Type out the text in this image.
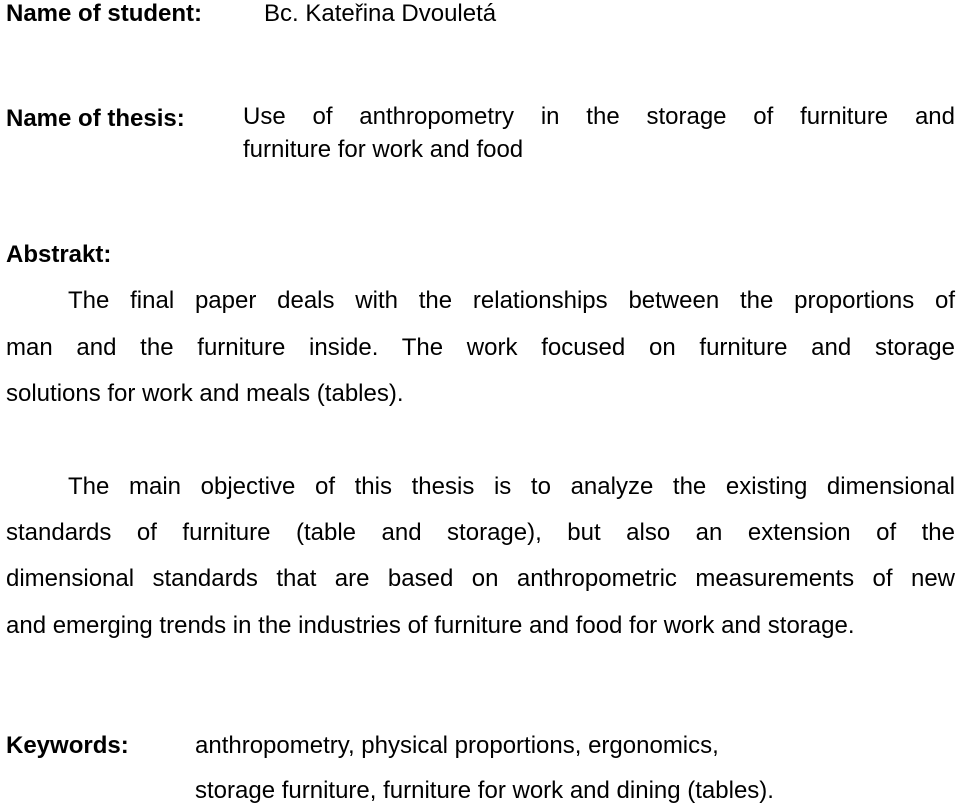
Name of student:	Bc. Kateřina Dvouletá
Name of thesis: Use of anthropometry in the storage of furniture and
furniture for work and food
Abstrakt:
The final paper deals with the relationships between the proportions of
man and the furniture inside. The work focused on furniture and storage
solutions for work and meals (tables).
The main objective of this thesis is to analyze the existing dimensional
standards of furniture (table and storage), but also an extension of the
dimensional standards that are based on anthropometric measurements of new
and emerging trends in the industries of furniture and food for work and storage.
Keywords:	anthropometry, physical proportions, ergonomics,
storage furniture, furniture for work and dining (tables).
